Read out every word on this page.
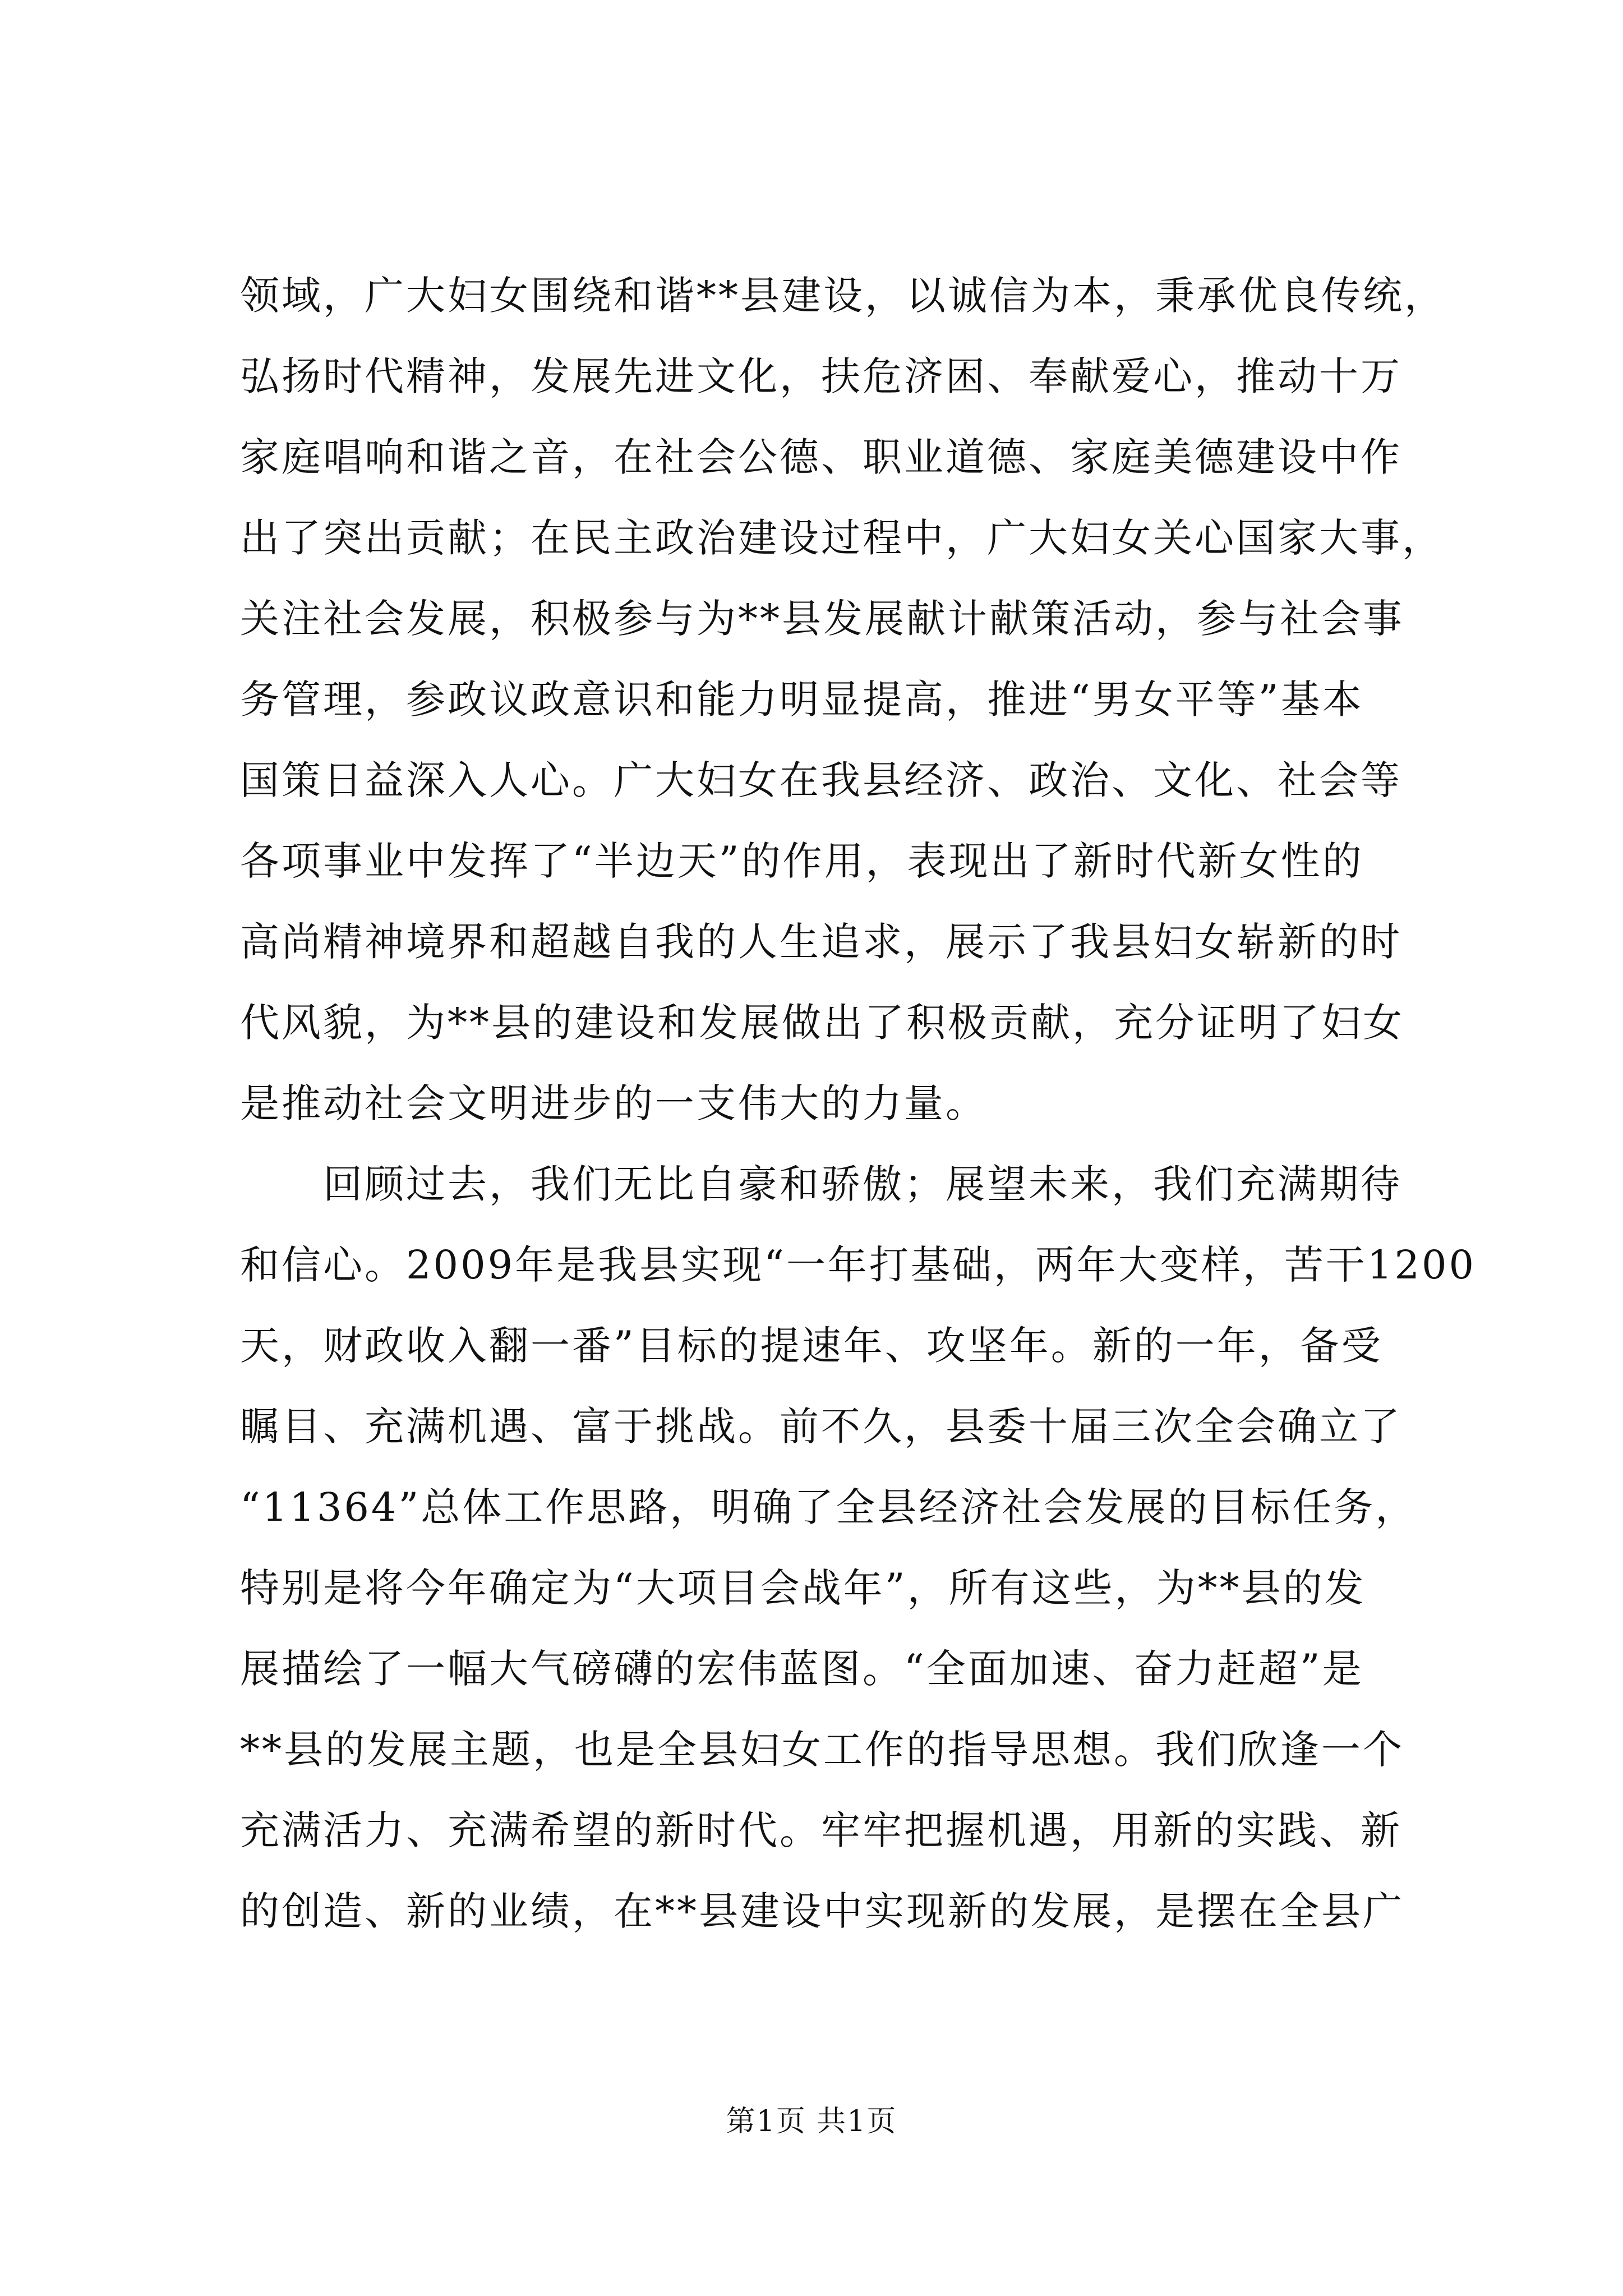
领域，广大妇女围绕和谐**县建设，以诚信为本，秉承优良传统，
弘扬时代精神，发展先进文化，扶危济困、奉献爱心，推动十万
家庭唱响和谐之音，在社会公德、职业道德、家庭美德建设中作
出了突出贡献；在民主政治建设过程中，广大妇女关心国家大事，
关注社会发展，积极参与为**县发展献计献策活动，参与社会事
务管理，参政议政意识和能力明显提高，推进“男女平等”基本
国策日益深入人心。广大妇女在我县经济、政治、文化、社会等
各项事业中发挥了“半边天”的作用，表现出了新时代新女性的
高尚精神境界和超越自我的人生追求，展示了我县妇女崭新的时
代风貌，为**县的建设和发展做出了积极贡献，充分证明了妇女
是推动社会文明进步的一支伟大的力量。
回顾过去，我们无比自豪和骄傲；展望未来，我们充满期待
和信心。2009年是我县实现“一年打基础，两年大变样，苦干1200
天，财政收入翻一番”目标的提速年、攻坚年。新的一年，备受
瞩目、充满机遇、富于挑战。前不久，县委十届三次全会确立了
“11364”总体工作思路，明确了全县经济社会发展的目标任务，
特别是将今年确定为“大项目会战年”，所有这些，为**县的发
展描绘了一幅大气磅礴的宏伟蓝图。“全面加速、奋力赶超”是
**县的发展主题，也是全县妇女工作的指导思想。我们欣逢一个
充满活力、充满希望的新时代。牢牢把握机遇，用新的实践、新
的创造、新的业绩，在**县建设中实现新的发展，是摆在全县广
第1页 共1页
